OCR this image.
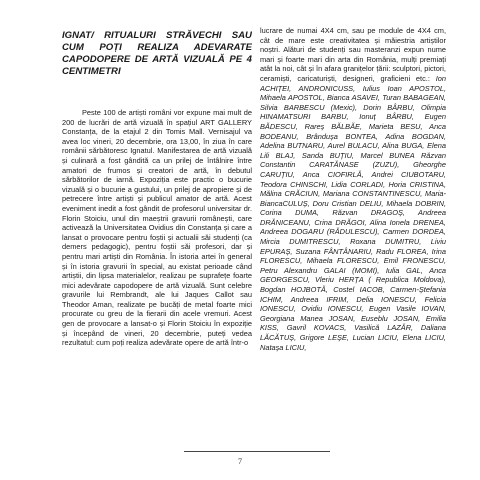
IGNAT/ RITUALURI STRĂVECHI SAU CUM POȚI REALIZA ADEVARATE CAPODOPERE DE ARTĂ VIZUALĂ PE 4 CENTIMETRI

Peste 100 de artiști români vor expune mai mult de 200 de lucrări de artă vizuală în spațiul ART GALLERY Constanța, de la etajul 2 din Tomis Mall. Vernisajul va avea loc vineri, 20 decembrie, ora 13,00, în ziua în care românii sărbătoresc Ignatul. Manifestarea de artă vizuală și culinară a fost gândită ca un prilej de întâlnire între amatori de frumos și creatori de artă, în debutul sărbătorilor de iarnă. Expoziția este practic o bucurie vizuală și o bucurie a gustului, un prilej de apropiere și de petrecere între artiști și publicul amator de artă. Acest eveniment inedit a fost gândit de profesorul universitar dr. Florin Stoiciu, unul din maeștrii gravurii românești, care activează la Universitatea Ovidius din Constanța și care a lansat o provocare pentru foștii și actualii săi studenți (ca demers pedagogic), pentru foștii săi profesori, dar și pentru mari artiști din România. În istoria artei în general și în istoria gravurii în special, au existat perioade când artiștii, din lipsa materialelor, realizau pe suprafețe foarte mici adevărate capodopere de artă vizuală. Sunt celebre gravurile lui Rembrandt, ale lui Jaques Callot sau Theodor Aman, realizate pe bucăți de metal foarte mici procurate cu greu de la fierarii din acele vremuri. Acest gen de provocare a lansat-o și Florin Stoiciu în expoziție și începând de vineri, 20 decembrie, puteți vedea rezultatul: cum poți realiza adevărate opere de artă într-o

lucrare de numai 4X4 cm, sau pe module de 4X4 cm, cât de mare este creativitatea și măiestria artiștilor noștri. Alături de studenți sau masteranzi expun nume mari și foarte mari din arta din România, mulți premiați atât la noi, cât și în afara granițelor țării: sculptori, pictori, ceramiști, caricaturiști, designeri, graficieni etc.: Ion ACHIȚEI, ANDRONICUSS, Iulius Ioan APOSTOL, Mihaela APOSTOL, Bianca ASAVEI, Turan BABAGEAN, Silvia BARBESCU (Mexic), Dorin BÂRBU, Olimpia HINAMATSURI BARBU, Ionuț BÂRBU, Eugen BĂDESCU, Rareș BĂLBĂE, Marieta BESU, Anca BODEANU, Brândușa BONTEA, Adina BOGDAN, Adelina BUTNARU, Aurel BULACU, Alina BUGA, Elena Lili BLAJ, Sanda BUȚIU, Marcel BUNEA Răzvan Constantin CARATĂNASE (ZUZU), Gheorghe CARUȚIU, Anca CIOFIRLĂ, Andrei CIUBOTARU, Teodora CHINSCHI, Lidia CORLADI, Horia CRISTINA, Mălina CRĂCIUN, Mariana CONSTANTINESCU, Maria-BiancaCULUȘ, Doru Cristian DELIU, Mihaela DOBRIN, Corina DUMA, Răzvan DRAGOȘ, Andreea DRĂNICEANU, Crina DRĂGOI, Alina Ionela DRENEA, Andreea DOGARU (RĂDULESCU), Carmen DORDEA, Mircia DUMITRESCU, Roxana DUMITRU, Liviu EPURAȘ, Suzana FÂNTÂNARIU, Radu FLOREA, Irina FLORESCU, Mihaela FLORESCU, Emil FRONESCU, Petru Alexandru GALAI (MOMI), Iulia GAL, Anca GEORGESCU, Vleriu HERȚA ( Republica Moldova), Bogdan HOJBOTĂ, Costel IACOB, Carmen-Ștefania ICHIM, Andreea IFRIM, Delia IONESCU, Felicia IONESCU, Ovidiu IONESCU, Eugen Vasile IOVAN, Georgiana Manea JOSAN, Euseblu JOSAN, Emilia KISS, Gavril KOVACS, Vasilică LAZĂR, Daliana LĂCĂTUȘ, Grigore LEȘE, Lucian LICIU, Elena LICIU, Natașa LICIU,

7
